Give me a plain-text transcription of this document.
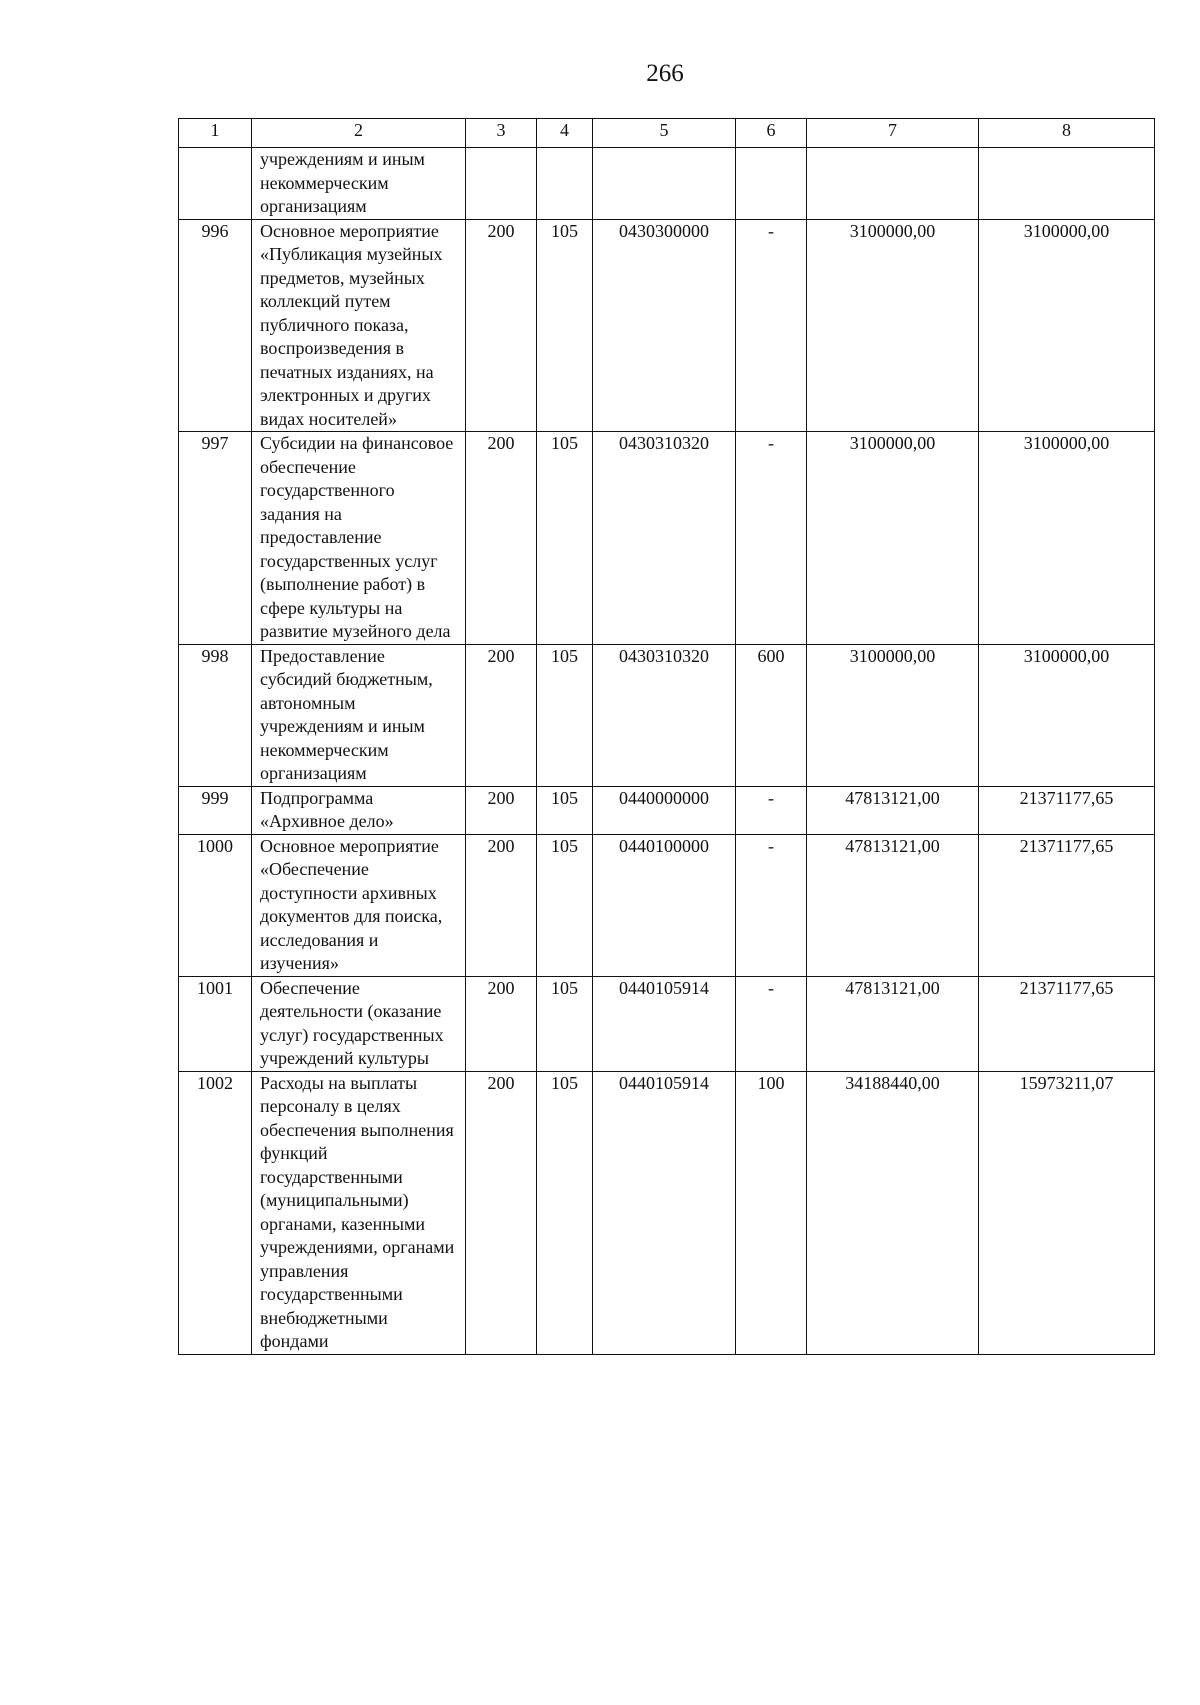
266
1	2	3	4	5	6	7	8
	учреждениям и иным некоммерческим организациям						
996	Основное мероприятие «Публикация музейных предметов, музейных коллекций путем публичного показа, воспроизведения в печатных изданиях, на электронных и других видах носителей»	200	105	0430300000	-	3100000,00	3100000,00
997	Субсидии на финансовое обеспечение государственного задания на предоставление государственных услуг (выполнение работ) в сфере культуры на развитие музейного дела	200	105	0430310320	-	3100000,00	3100000,00
998	Предоставление субсидий бюджетным, автономным учреждениям и иным некоммерческим организациям	200	105	0430310320	600	3100000,00	3100000,00
999	Подпрограмма «Архивное дело»	200	105	0440000000	-	47813121,00	21371177,65
1000	Основное мероприятие «Обеспечение доступности архивных документов для поиска, исследования и изучения»	200	105	0440100000	-	47813121,00	21371177,65
1001	Обеспечение деятельности (оказание услуг) государственных учреждений культуры	200	105	0440105914	-	47813121,00	21371177,65
1002	Расходы на выплаты персоналу в целях обеспечения выполнения функций государственными (муниципальными) органами, казенными учреждениями, органами управления государственными внебюджетными фондами	200	105	0440105914	100	34188440,00	15973211,07
